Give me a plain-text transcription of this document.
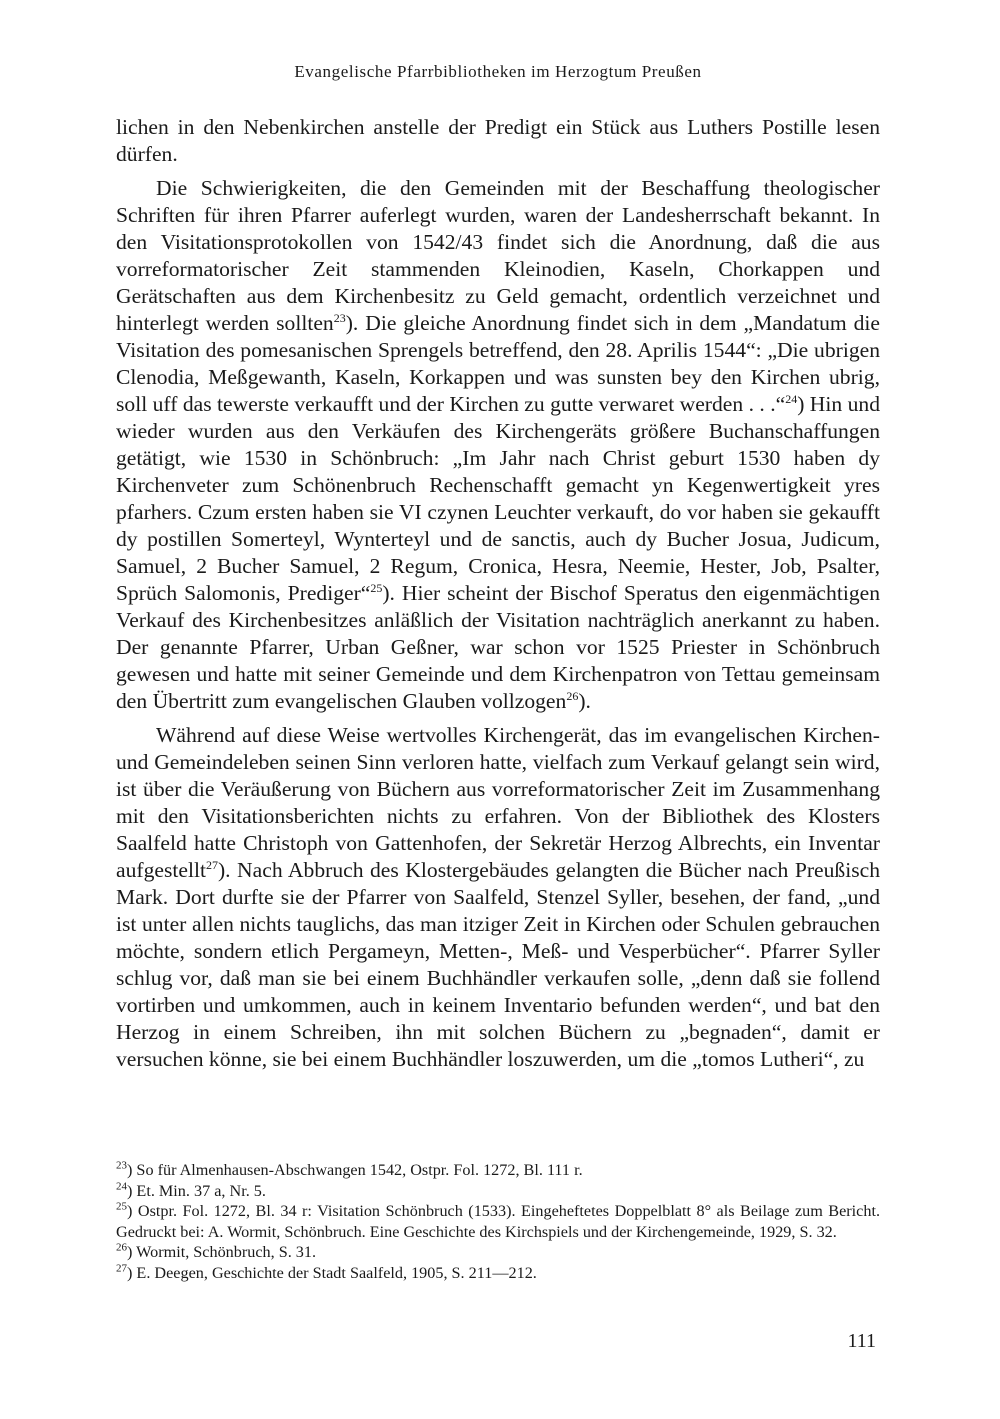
Evangelische Pfarrbibliotheken im Herzogtum Preußen

lichen in den Nebenkirchen anstelle der Predigt ein Stück aus Luthers Postille lesen dürfen.

Die Schwierigkeiten, die den Gemeinden mit der Beschaffung theologischer Schriften für ihren Pfarrer auferlegt wurden, waren der Landesherrschaft bekannt. In den Visitationsprotokollen von 1542/43 findet sich die Anordnung, daß die aus vorreformatorischer Zeit stammenden Kleinodien, Kaseln, Chorkappen und Gerätschaften aus dem Kirchenbesitz zu Geld gemacht, ordentlich verzeichnet und hinterlegt werden sollten$^{23}$). Die gleiche Anordnung findet sich in dem „Mandatum die Visitation des pomesanischen Sprengels betreffend, den 28. Aprilis 1544“: „Die ubrigen Clenodia, Meßgewanth, Kaseln, Korkappen und was sunsten bey den Kirchen ubrig, soll uff das tewerste verkaufft und der Kirchen zu gutte verwaret werden . . .“$^{24}$) Hin und wieder wurden aus den Verkäufen des Kirchengeräts größere Buchanschaffungen getätigt, wie 1530 in Schönbruch: „Im Jahr nach Christ geburt 1530 haben dy Kirchenveter zum Schönenbruch Rechenschafft gemacht yn Kegenwertigkeit yres pfarhers. Czum ersten haben sie VI czynen Leuchter verkauft, do vor haben sie gekaufft dy postillen Somerteyl, Wynterteyl und de sanctis, auch dy Bucher Josua, Judicum, Samuel, 2 Bucher Samuel, 2 Regum, Cronica, Hesra, Neemie, Hester, Job, Psalter, Sprüch Salomonis, Prediger“$^{25}$). Hier scheint der Bischof Speratus den eigenmächtigen Verkauf des Kirchenbesitzes anläßlich der Visitation nachträglich anerkannt zu haben. Der genannte Pfarrer, Urban Geßner, war schon vor 1525 Priester in Schönbruch gewesen und hatte mit seiner Gemeinde und dem Kirchenpatron von Tettau gemeinsam den Übertritt zum evangelischen Glauben vollzogen$^{26}$).

Während auf diese Weise wertvolles Kirchengerät, das im evangelischen Kirchen- und Gemeindeleben seinen Sinn verloren hatte, vielfach zum Verkauf gelangt sein wird, ist über die Veräußerung von Büchern aus vorreformatorischer Zeit im Zusammenhang mit den Visitationsberichten nichts zu erfahren. Von der Bibliothek des Klosters Saalfeld hatte Christoph von Gattenhofen, der Sekretär Herzog Albrechts, ein Inventar aufgestellt$^{27}$). Nach Abbruch des Klostergebäudes gelangten die Bücher nach Preußisch Mark. Dort durfte sie der Pfarrer von Saalfeld, Stenzel Syller, besehen, der fand, „und ist unter allen nichts tauglichs, das man itziger Zeit in Kirchen oder Schulen gebrauchen möchte, sondern etlich Pergameyn, Metten-, Meß- und Vesperbücher“. Pfarrer Syller schlug vor, daß man sie bei einem Buchhändler verkaufen solle, „denn daß sie follend vortirben und umkommen, auch in keinem Inventario befunden werden“, und bat den Herzog in einem Schreiben, ihn mit solchen Büchern zu „begnaden“, damit er versuchen könne, sie bei einem Buchhändler loszuwerden, um die „tomos Lutheri“, zu

$^{23}$) So für Almenhausen-Abschwangen 1542, Ostpr. Fol. 1272, Bl. 111 r.

$^{24}$) Et. Min. 37 a, Nr. 5.

$^{25}$) Ostpr. Fol. 1272, Bl. 34 r: Visitation Schönbruch (1533). Eingeheftetes Doppelblatt 8° als Beilage zum Bericht. Gedruckt bei: A. Wormit, Schönbruch. Eine Geschichte des Kirchspiels und der Kirchengemeinde, 1929, S. 32.

$^{26}$) Wormit, Schönbruch, S. 31.

$^{27}$) E. Deegen, Geschichte der Stadt Saalfeld, 1905, S. 211—212.

111
